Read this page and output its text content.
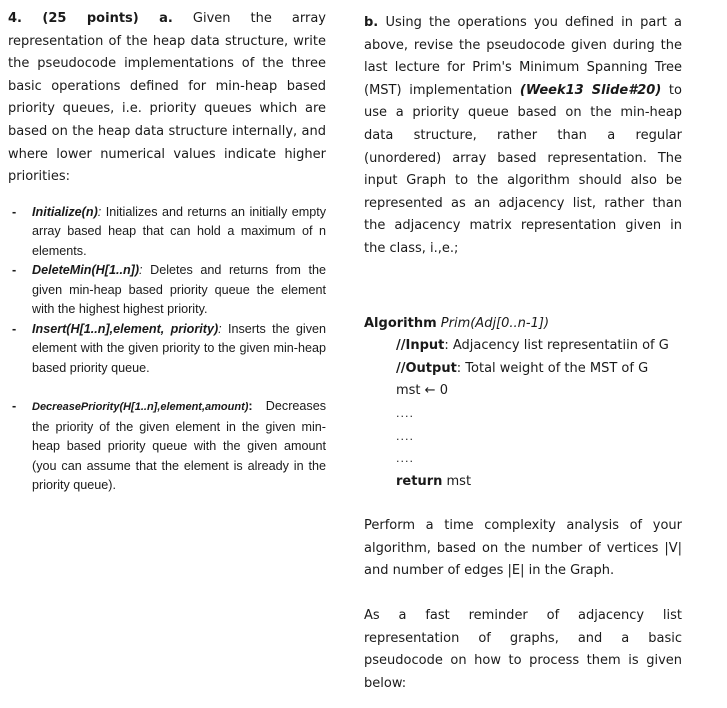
4. (25 points) a. Given the array representation of the heap data structure, write the pseudocode implementations of the three basic operations defined for min-heap based priority queues, i.e. priority queues which are based on the heap data structure internally, and where lower numerical values indicate higher priorities:

- Initialize(n): Initializes and returns an initially empty array based heap that can hold a maximum of n elements.
- DeleteMin(H[1..n]): Deletes and returns from the given min-heap based priority queue the element with the highest highest priority.
- Insert(H[1..n],element, priority): Inserts the given element with the given priority to the given min-heap based priority queue.
- DecreasePriority(H[1..n],element,amount): Decreases the priority of the given element in the given min-heap based priority queue with the given amount (you can assume that the element is already in the priority queue).

b. Using the operations you defined in part a above, revise the pseudocode given during the last lecture for Prim's Minimum Spanning Tree (MST) implementation (Week13 Slide#20) to use a priority queue based on the min-heap data structure, rather than a regular (unordered) array based representation. The input Graph to the algorithm should also be represented as an adjacency list, rather than the adjacency matrix representation given in the class, i.,e.;

Algorithm Prim(Adj[0..n-1])

//Input: Adjacency list representatiin of G

//Output: Total weight of the MST of G

mst ← 0

....

....

....

return mst

Perform a time complexity analysis of your algorithm, based on the number of vertices |V| and number of edges |E| in the Graph.

As a fast reminder of adjacency list representation of graphs, and a basic pseudocode on how to process them is given below:
